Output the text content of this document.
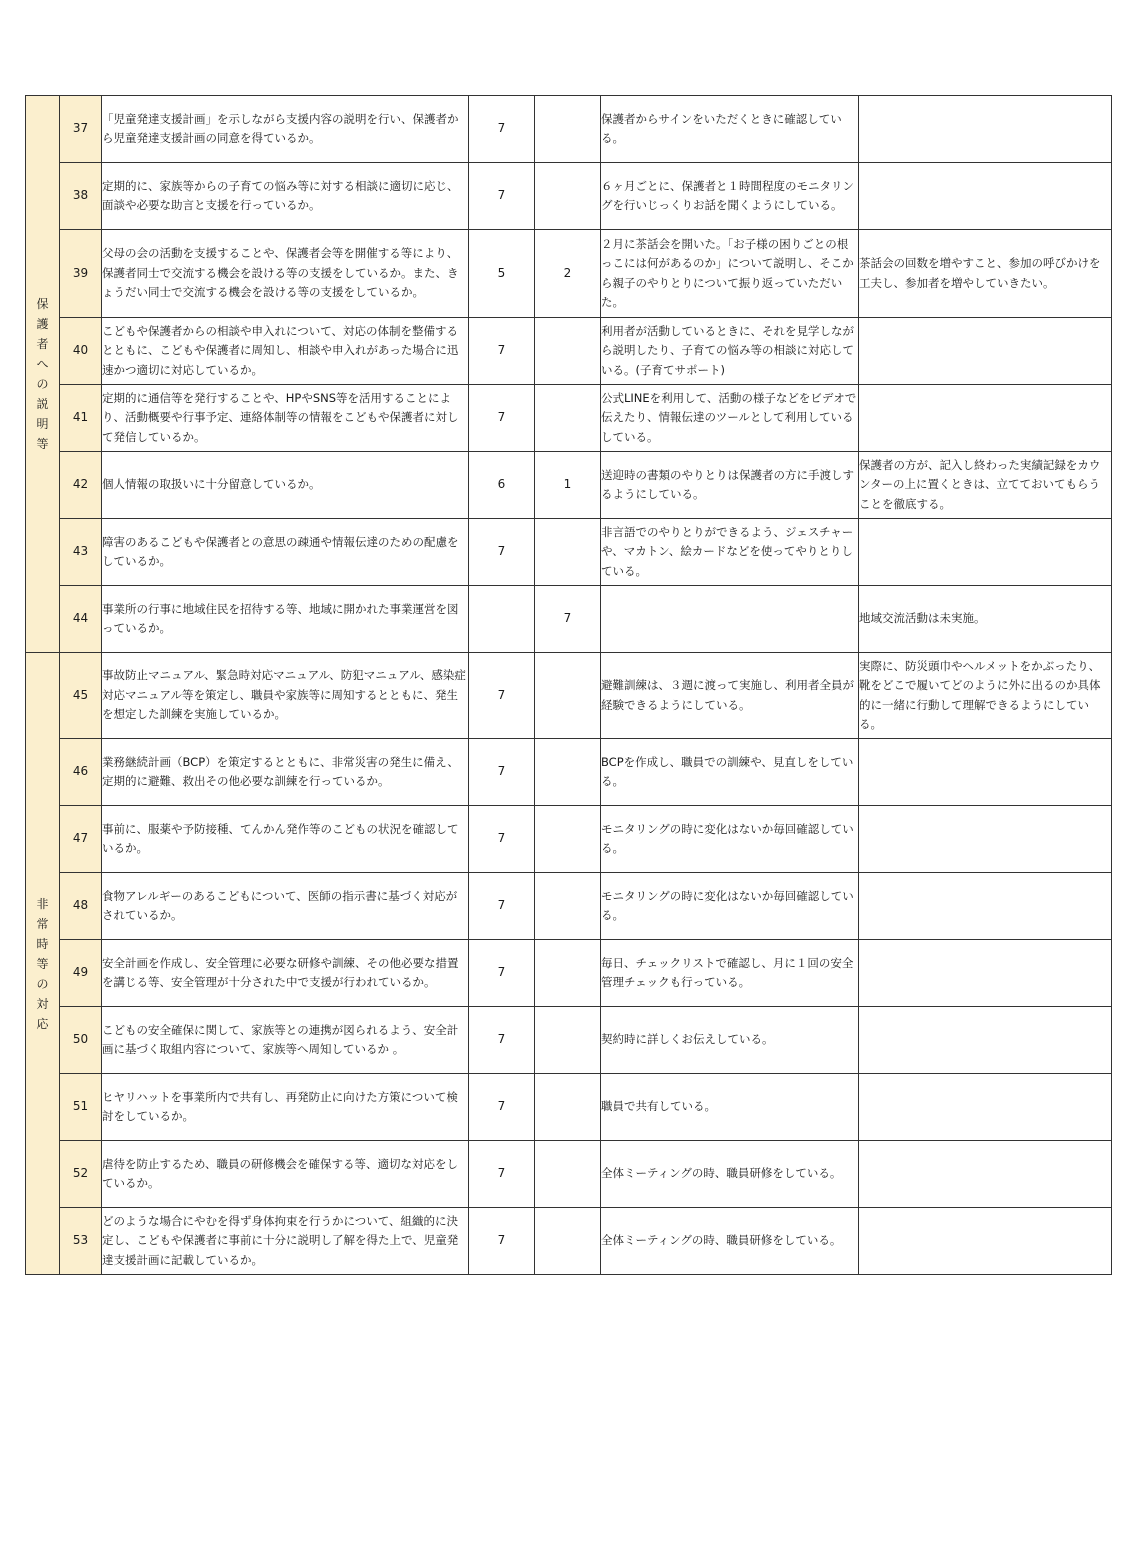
保護者への説明等	37	「児童発達支援計画」を示しながら支援内容の説明を行い、保護者から児童発達支援計画の同意を得ているか。	7		保護者からサインをいただくときに確認している。	
	38	定期的に、家族等からの子育ての悩み等に対する相談に適切に応じ、面談や必要な助言と支援を行っているか。	7		６ヶ月ごとに、保護者と１時間程度のモニタリングを行いじっくりお話を聞くようにしている。	
	39	父母の会の活動を支援することや、保護者会等を開催する等により、保護者同士で交流する機会を設ける等の支援をしているか。また、きょうだい同士で交流する機会を設ける等の支援をしているか。	5	2	２月に茶話会を開いた。「お子様の困りごとの根っこには何があるのか」について説明し、そこから親子のやりとりについて振り返っていただいた。	茶話会の回数を増やすこと、参加の呼びかけを工夫し、参加者を増やしていきたい。
	40	こどもや保護者からの相談や申入れについて、対応の体制を整備するとともに、こどもや保護者に周知し、相談や申入れがあった場合に迅速かつ適切に対応しているか。	7		利用者が活動しているときに、それを見学しながら説明したり、子育ての悩み等の相談に対応している。(子育てサポート)	
	41	定期的に通信等を発行することや、HPやSNS等を活用することにより、活動概要や行事予定、連絡体制等の情報をこどもや保護者に対して発信しているか。	7		公式LINEを利用して、活動の様子などをビデオで伝えたり、情報伝達のツールとして利用しているしている。	
	42	個人情報の取扱いに十分留意しているか。	6	1	送迎時の書類のやりとりは保護者の方に手渡しするようにしている。	保護者の方が、記入し終わった実績記録をカウンターの上に置くときは、立てておいてもらうことを徹底する。
	43	障害のあるこどもや保護者との意思の疎通や情報伝達のための配慮をしているか。	7		非言語でのやりとりができるよう、ジェスチャーや、マカトン、絵カードなどを使ってやりとりしている。	
	44	事業所の行事に地域住民を招待する等、地域に開かれた事業運営を図っているか。		7		地域交流活動は未実施。
非常時等の対応	45	事故防止マニュアル、緊急時対応マニュアル、防犯マニュアル、感染症対応マニュアル等を策定し、職員や家族等に周知するとともに、発生を想定した訓練を実施しているか。	7		避難訓練は、３週に渡って実施し、利用者全員が経験できるようにしている。	実際に、防災頭巾やヘルメットをかぶったり、靴をどこで履いてどのように外に出るのか具体的に一緒に行動して理解できるようにしている。
	46	業務継続計画（BCP）を策定するとともに、非常災害の発生に備え、定期的に避難、救出その他必要な訓練を行っているか。	7		BCPを作成し、職員での訓練や、見直しをしている。	
	47	事前に、服薬や予防接種、てんかん発作等のこどもの状況を確認しているか。	7		モニタリングの時に変化はないか毎回確認している。	
	48	食物アレルギーのあるこどもについて、医師の指示書に基づく対応がされているか。	7		モニタリングの時に変化はないか毎回確認している。	
	49	安全計画を作成し、安全管理に必要な研修や訓練、その他必要な措置を講じる等、安全管理が十分された中で支援が行われているか。	7		毎日、チェックリストで確認し、月に１回の安全管理チェックも行っている。	
	50	こどもの安全確保に関して、家族等との連携が図られるよう、安全計画に基づく取組内容について、家族等へ周知しているか 。	7		契約時に詳しくお伝えしている。	
	51	ヒヤリハットを事業所内で共有し、再発防止に向けた方策について検討をしているか。	7		職員で共有している。	
	52	虐待を防止するため、職員の研修機会を確保する等、適切な対応をしているか。	7		全体ミーティングの時、職員研修をしている。	
	53	どのような場合にやむを得ず身体拘束を行うかについて、組織的に決定し、こどもや保護者に事前に十分に説明し了解を得た上で、児童発達支援計画に記載しているか。	7		全体ミーティングの時、職員研修をしている。	
